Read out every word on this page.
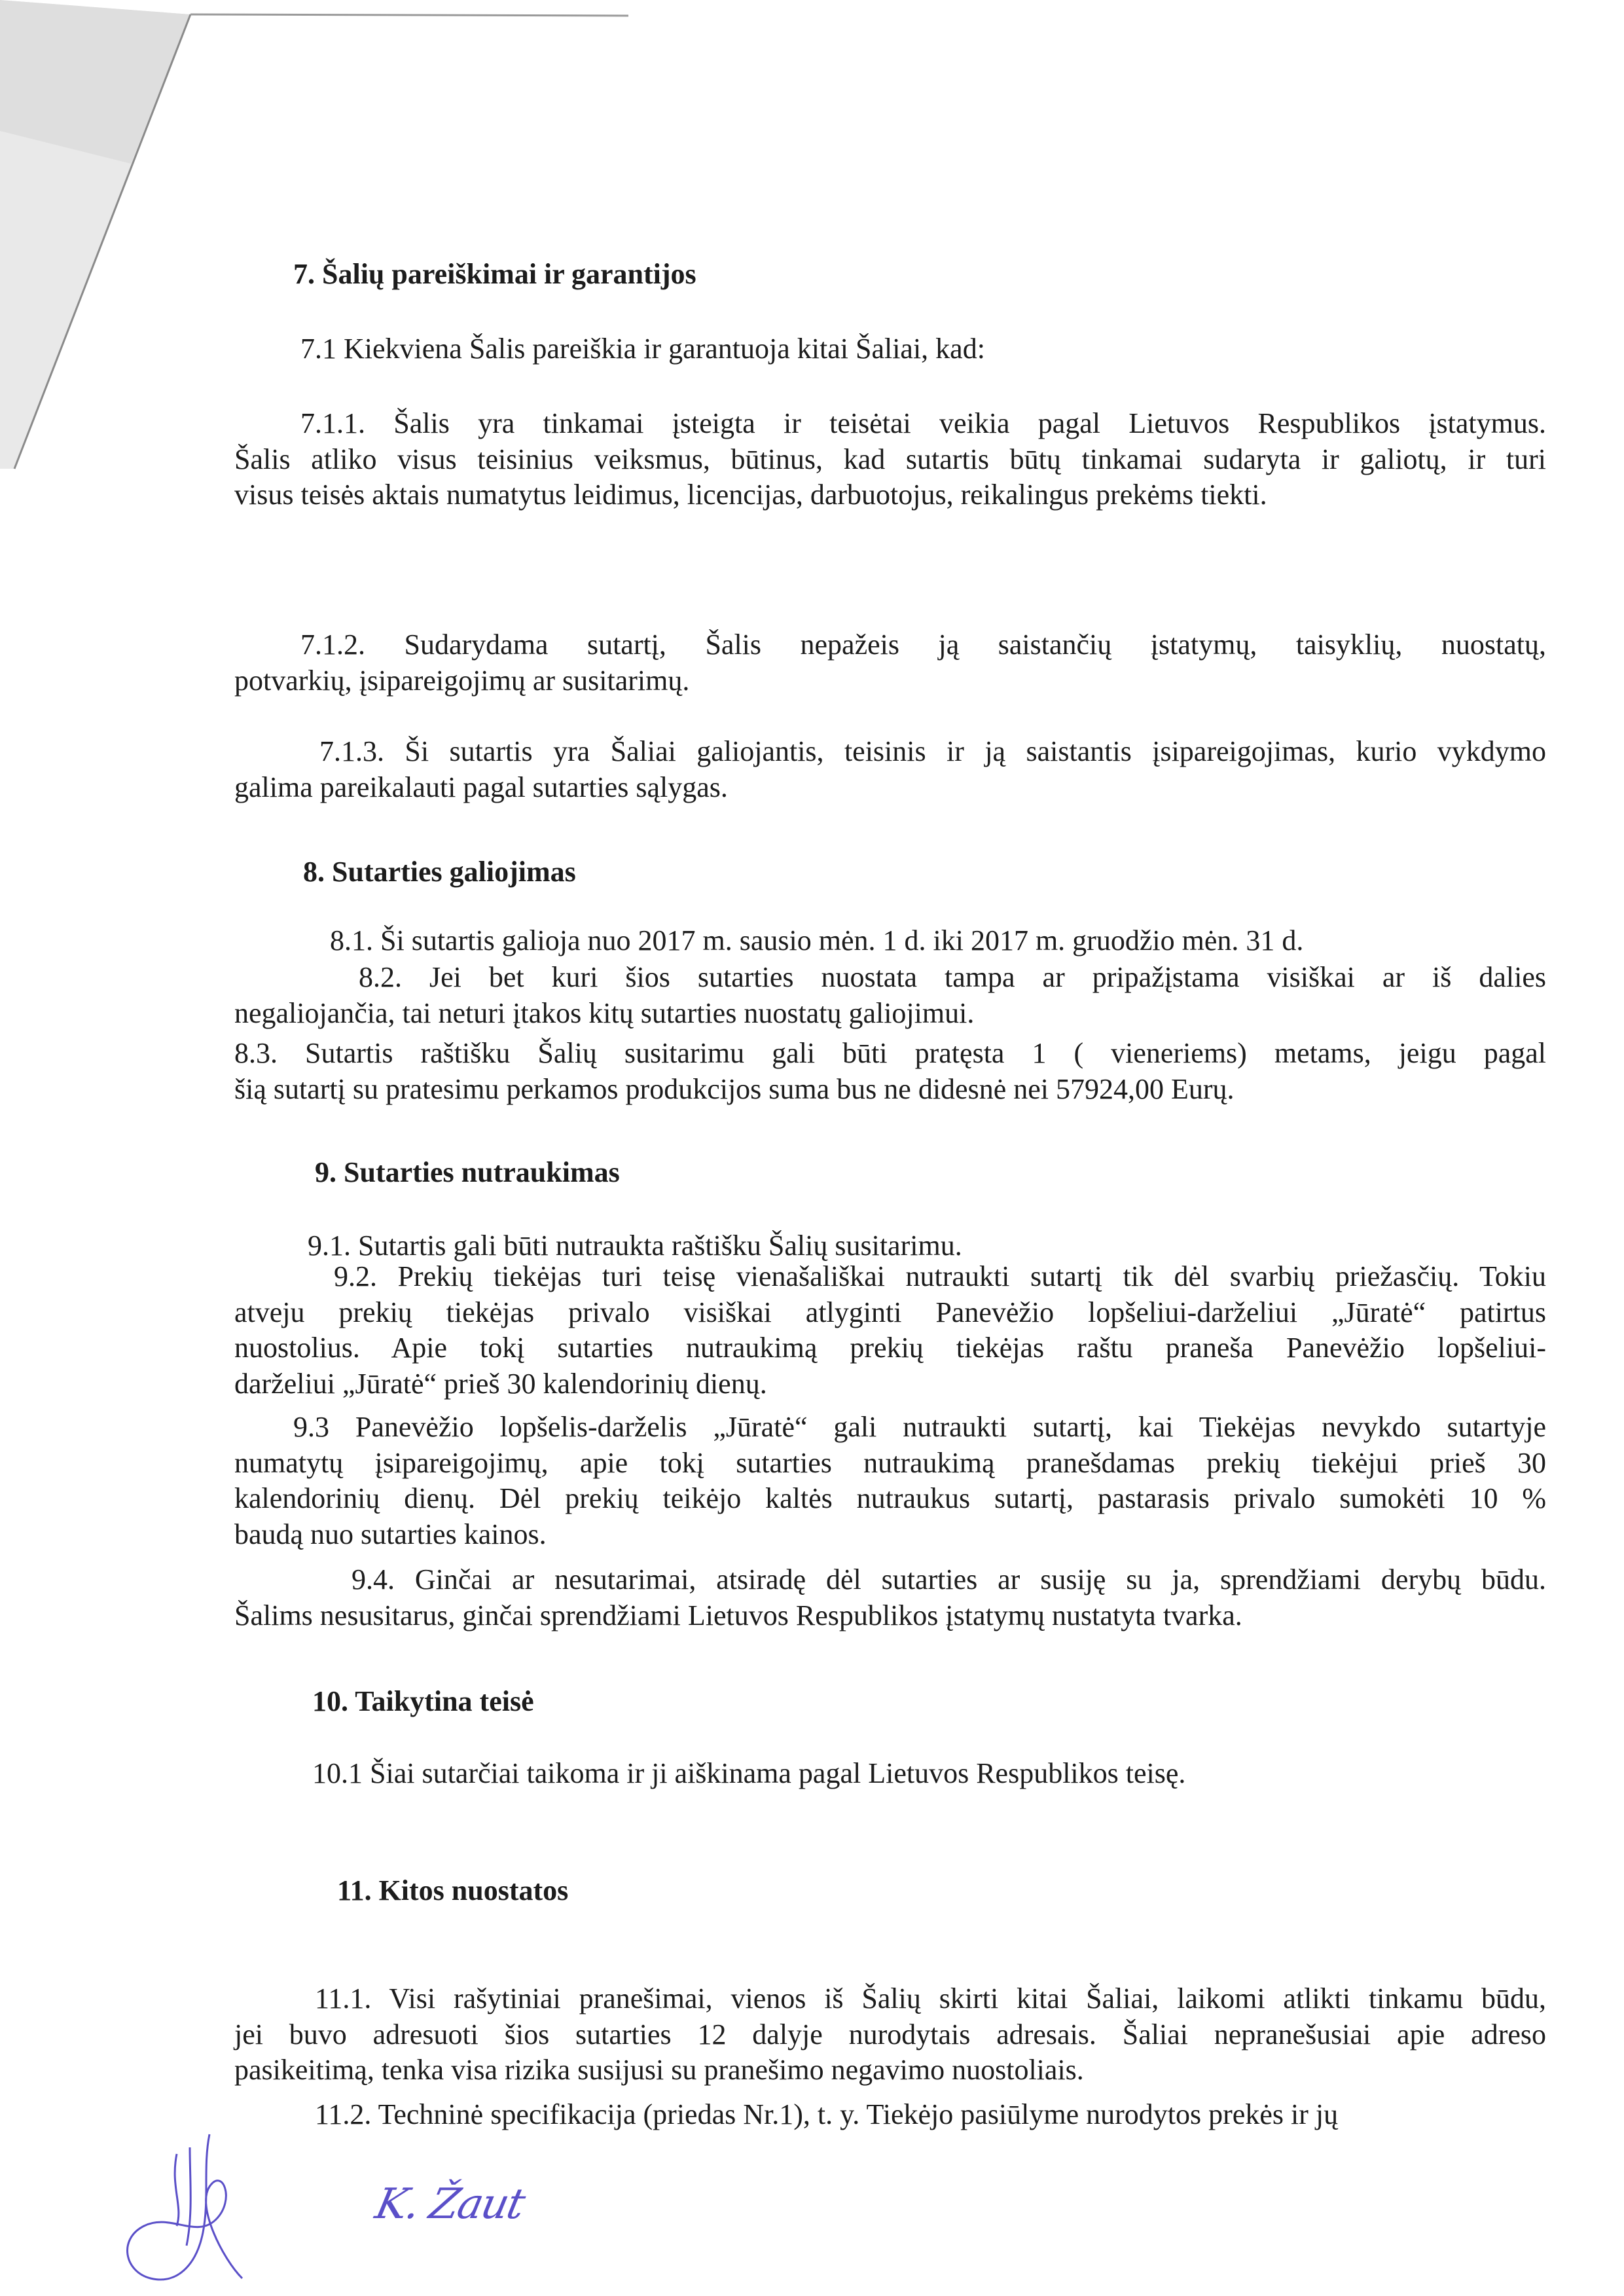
7. Šalių pareiškimai ir garantijos
7.1 Kiekviena Šalis pareiškia ir garantuoja kitai Šaliai, kad:
7.1.1. Šalis yra tinkamai įsteigta ir teisėtai veikia pagal Lietuvos Respublikos įstatymus.
Šalis atliko visus teisinius veiksmus, būtinus, kad sutartis būtų tinkamai sudaryta ir galiotų, ir turi
visus teisės aktais numatytus leidimus, licencijas, darbuotojus, reikalingus prekėms tiekti.
7.1.2. Sudarydama sutartį, Šalis nepažeis ją saistančių įstatymų, taisyklių, nuostatų,
potvarkių, įsipareigojimų ar susitarimų.
7.1.3. Ši sutartis yra Šaliai galiojantis, teisinis ir ją saistantis įsipareigojimas, kurio vykdymo
galima pareikalauti pagal sutarties sąlygas.
8. Sutarties galiojimas
8.1. Ši sutartis galioja nuo 2017 m. sausio mėn. 1 d. iki 2017 m. gruodžio mėn. 31 d.
8.2. Jei bet kuri šios sutarties nuostata tampa ar pripažįstama visiškai ar iš dalies
negaliojančia, tai neturi įtakos kitų sutarties nuostatų galiojimui.
8.3. Sutartis raštišku Šalių susitarimu gali būti pratęsta 1 ( vieneriems) metams, jeigu pagal
šią sutartį su pratesimu perkamos produkcijos suma bus ne didesnė nei 57924,00 Eurų.
9. Sutarties nutraukimas
9.1. Sutartis gali būti nutraukta raštišku Šalių susitarimu.
9.2. Prekių tiekėjas turi teisę vienašališkai nutraukti sutartį tik dėl svarbių priežasčių. Tokiu
atveju prekių tiekėjas privalo visiškai atlyginti Panevėžio lopšeliui-darželiui „Jūratė“ patirtus
nuostolius. Apie tokį sutarties nutraukimą prekių tiekėjas raštu praneša Panevėžio lopšeliui-
darželiui „Jūratė“ prieš 30 kalendorinių dienų.
9.3 Panevėžio lopšelis-darželis „Jūratė“ gali nutraukti sutartį, kai Tiekėjas nevykdo sutartyje
numatytų įsipareigojimų, apie tokį sutarties nutraukimą pranešdamas prekių tiekėjui prieš 30
kalendorinių dienų. Dėl prekių teikėjo kaltės nutraukus sutartį, pastarasis privalo sumokėti 10 %
baudą nuo sutarties kainos.
9.4. Ginčai ar nesutarimai, atsiradę dėl sutarties ar susiję su ja, sprendžiami derybų būdu.
Šalims nesusitarus, ginčai sprendžiami Lietuvos Respublikos įstatymų nustatyta tvarka.
10. Taikytina teisė
10.1 Šiai sutarčiai taikoma ir ji aiškinama pagal Lietuvos Respublikos teisę.
11. Kitos nuostatos
11.1. Visi rašytiniai pranešimai, vienos iš Šalių skirti kitai Šaliai, laikomi atlikti tinkamu būdu,
jei buvo adresuoti šios sutarties 12 dalyje nurodytais adresais. Šaliai nepranešusiai apie adreso
pasikeitimą, tenka visa rizika susijusi su pranešimo negavimo nuostoliais.
11.2. Techninė specifikacija (priedas Nr.1), t. y. Tiekėjo pasiūlyme nurodytos prekės ir jų
K. Žaut
